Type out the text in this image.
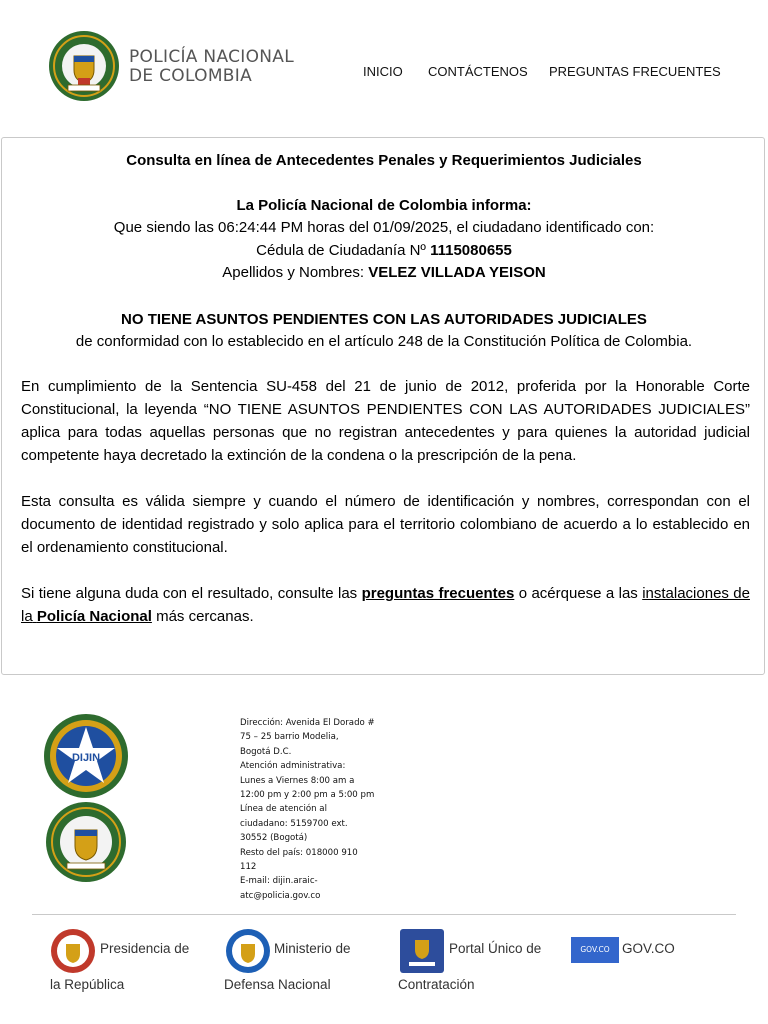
POLICÍA NACIONAL
DE COLOMBIA	INICIO CONTÁCTENOS PREGUNTAS FRECUENTES
Consulta en línea de Antecedentes Penales y Requerimientos Judiciales
La Policía Nacional de Colombia informa:
Que siendo las 06:24:44 PM horas del 01/09/2025, el ciudadano identificado con:
Cédula de Ciudadanía Nº 1115080655
Apellidos y Nombres: VELEZ VILLADA YEISON
NO TIENE ASUNTOS PENDIENTES CON LAS AUTORIDADES JUDICIALES
de conformidad con lo establecido en el artículo 248 de la Constitución Política de Colombia.
En cumplimiento de la Sentencia SU-458 del 21 de junio de 2012, proferida por la Honorable Corte Constitucional, la leyenda “NO TIENE ASUNTOS PENDIENTES CON LAS AUTORIDADES JUDICIALES” aplica para todas aquellas personas que no registran antecedentes y para quienes la autoridad judicial competente haya decretado la extinción de la condena o la prescripción de la pena.
Esta consulta es válida siempre y cuando el número de identificación y nombres, correspondan con el documento de identidad registrado y solo aplica para el territorio colombiano de acuerdo a lo establecido en el ordenamiento constitucional.
Si tiene alguna duda con el resultado, consulte las preguntas frecuentes o acérquese a las instalaciones de la Policía Nacional más cercanas.
DIJIN
Dirección: Avenida El Dorado #
75 – 25 barrio Modelia,
Bogotá D.C.
Atención administrativa:
Lunes a Viernes 8:00 am a
12:00 pm y 2:00 pm a 5:00 pm
Línea de atención al
ciudadano: 5159700 ext.
30552 (Bogotá)
Resto del país: 018000 910
112
E-mail: dijin.araic-
atc@policia.gov.co
Presidencia de
la República
Ministerio de
Defensa Nacional
Portal Único de
Contratación
GOV.CO GOV.CO
